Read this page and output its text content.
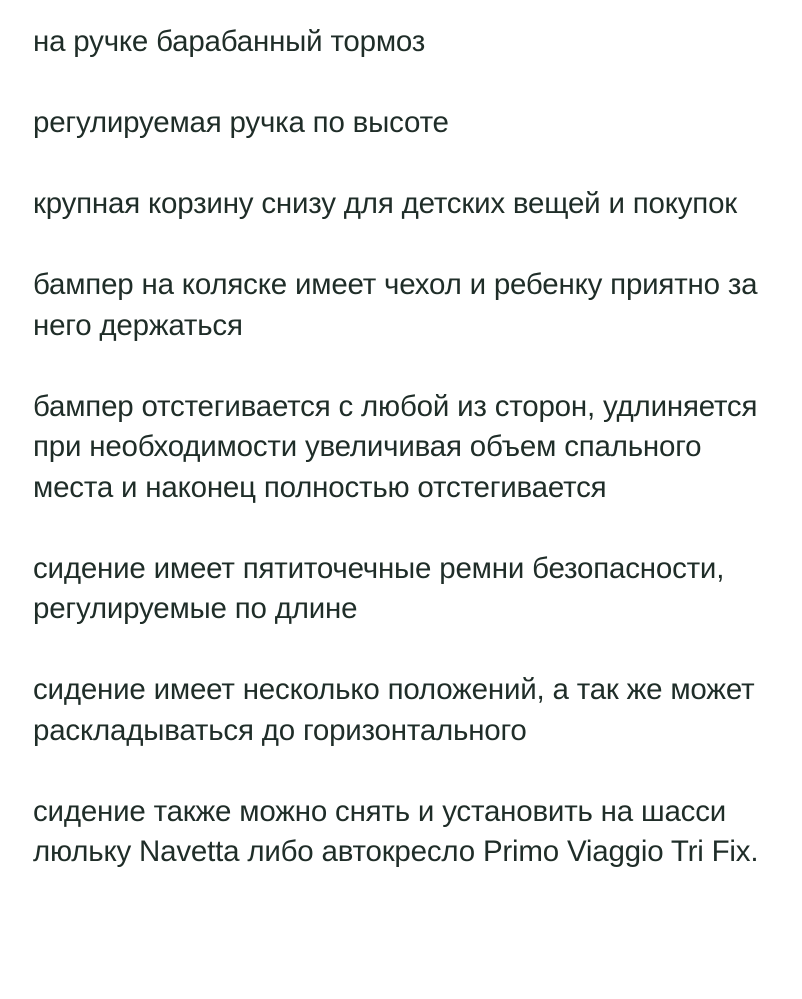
на ручке барабанный тормоз

регулируемая ручка по высоте

крупная корзину снизу для детских вещей и покупок

бампер на коляске имеет чехол и ребенку приятно за него держаться

бампер отстегивается с любой из сторон, удлиняется при необходимости увеличивая объем спального места и наконец полностью отстегивается

сидение имеет пятиточечные ремни безопасности, регулируемые по длине

сидение имеет несколько положений, а так же может раскладываться до горизонтального

сидение также можно снять и установить на шасси люльку Navetta либо автокресло Primo Viaggio Tri Fix.
